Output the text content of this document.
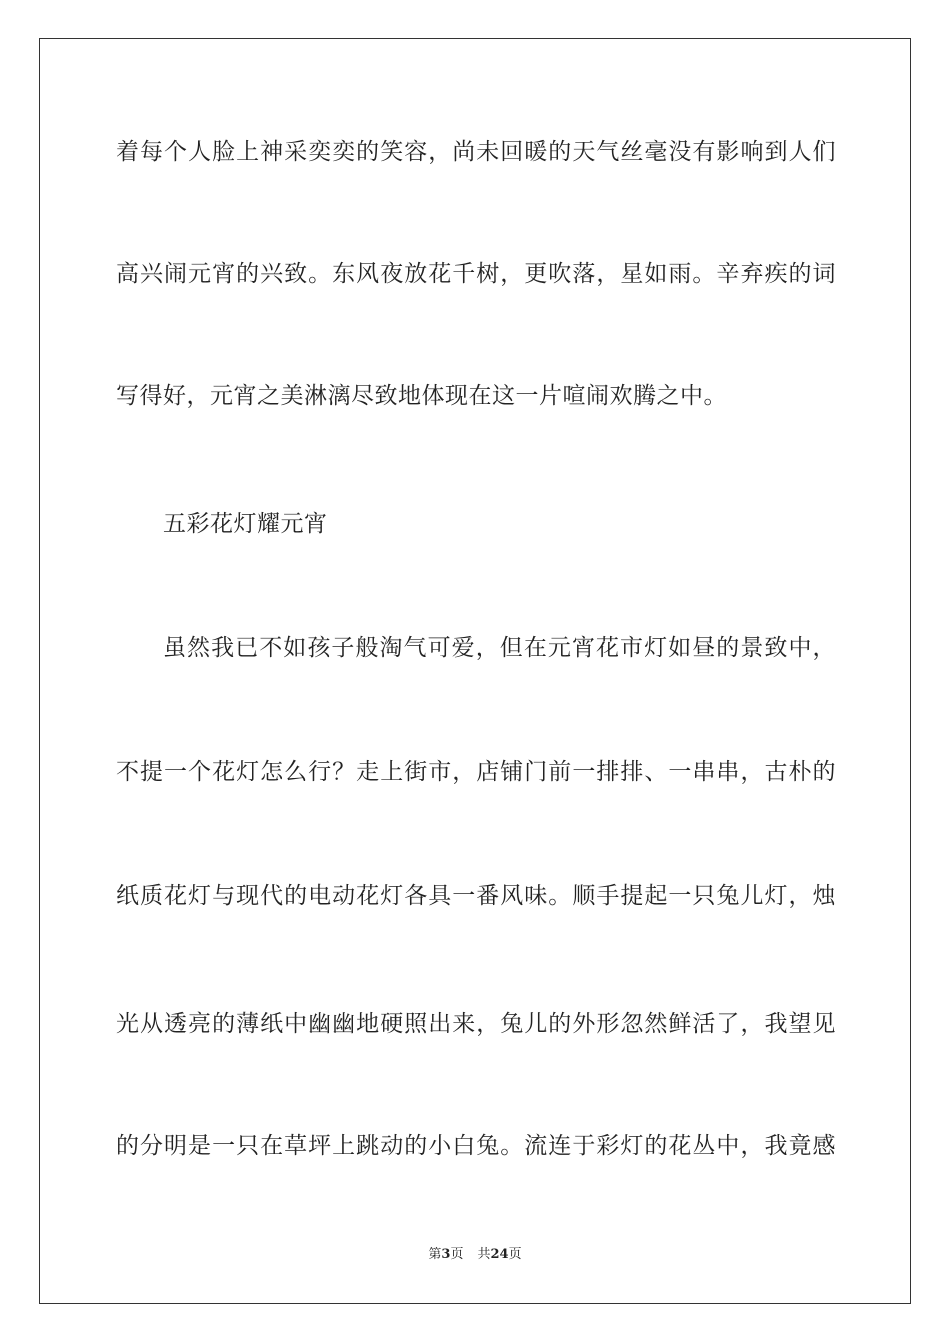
着每个人脸上神采奕奕的笑容，尚未回暖的天气丝毫没有影响到人们
高兴闹元宵的兴致。东风夜放花千树，更吹落，星如雨。辛弃疾的词
写得好，元宵之美淋漓尽致地体现在这一片喧闹欢腾之中。
五彩花灯耀元宵
虽然我已不如孩子般淘气可爱，但在元宵花市灯如昼的景致中，
不提一个花灯怎么行？走上街市，店铺门前一排排、一串串，古朴的
纸质花灯与现代的电动花灯各具一番风味。顺手提起一只兔儿灯，烛
光从透亮的薄纸中幽幽地硬照出来，兔儿的外形忽然鲜活了，我望见
的分明是一只在草坪上跳动的小白兔。流连于彩灯的花丛中，我竟感
第3页 共24页
